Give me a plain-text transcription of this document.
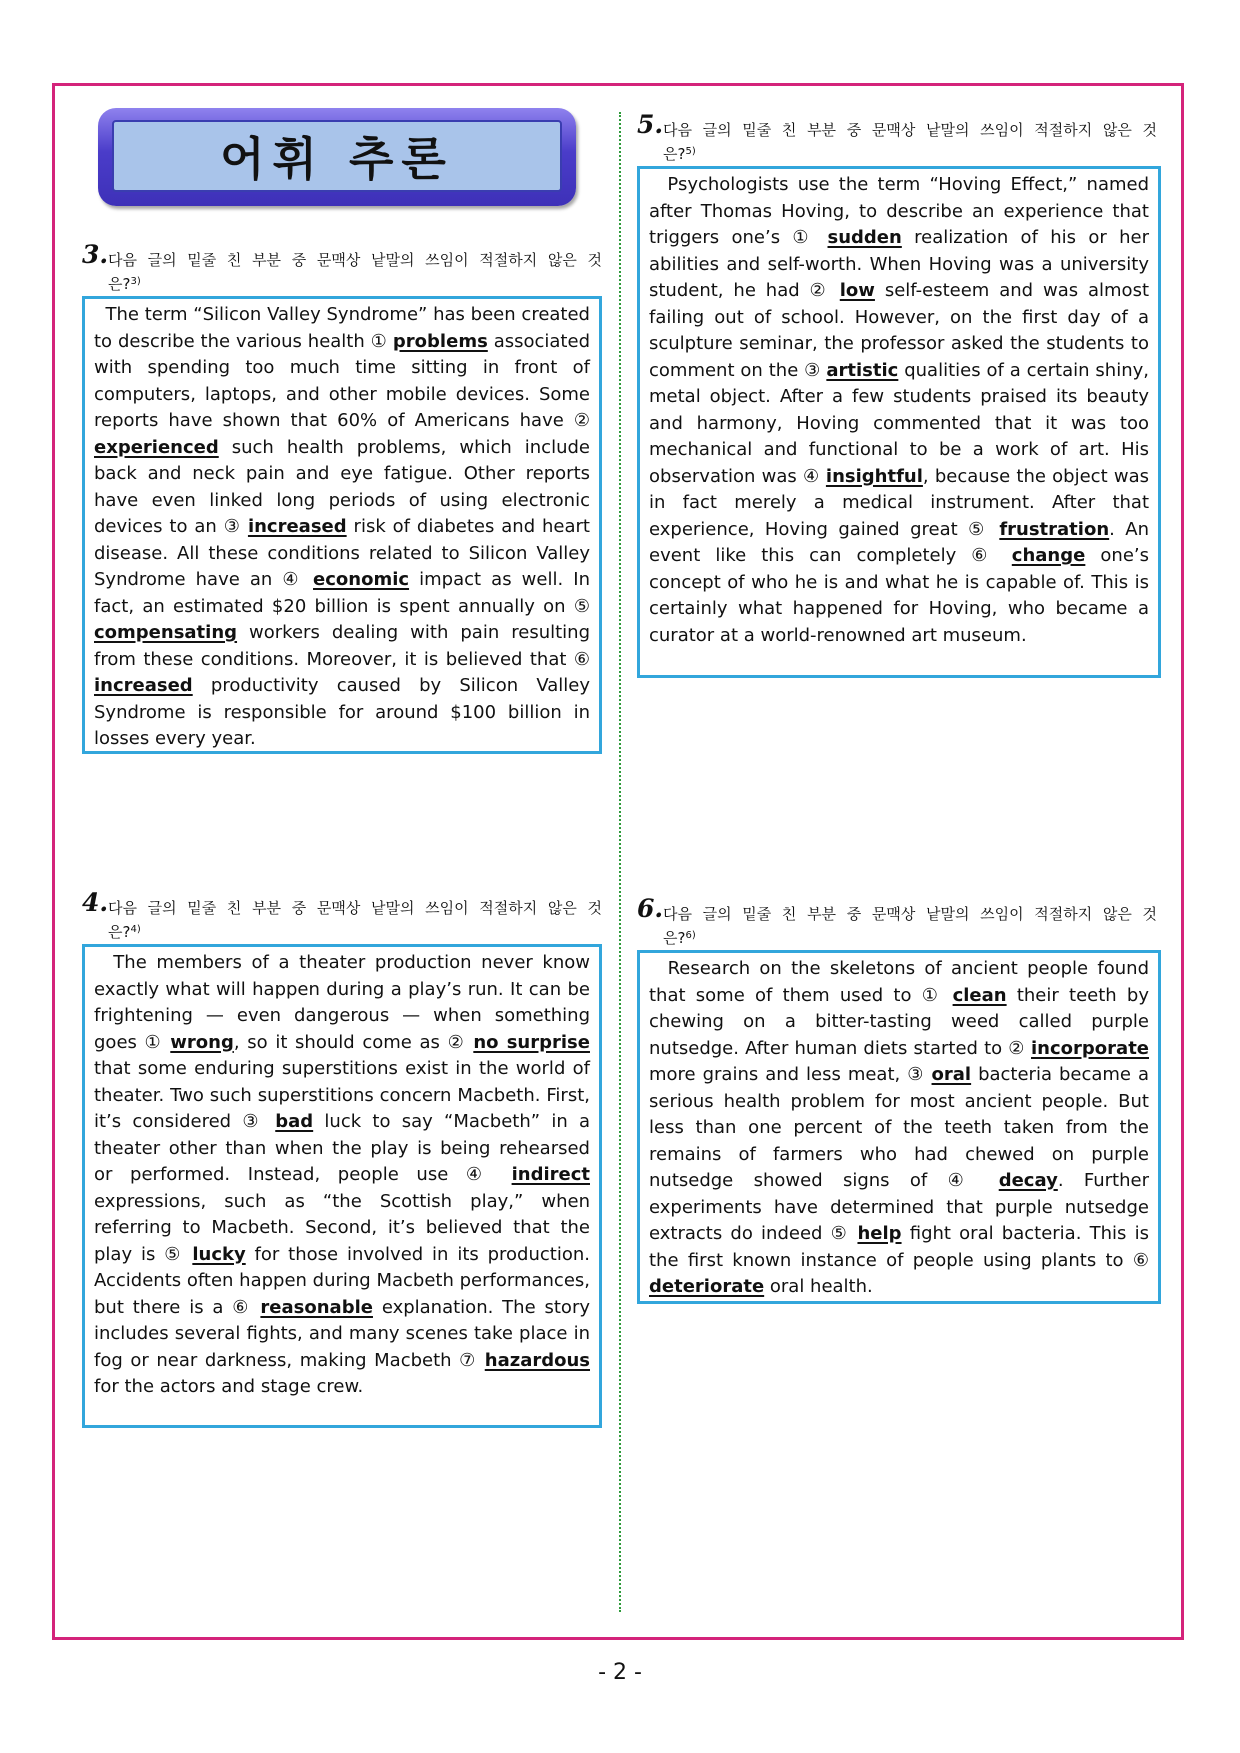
어휘 추론
3. 다음 글의 밑줄 친 부분 중 문맥상 낱말의 쓰임이 적절하지 않은 것
은?$^{3)}$

The term “Silicon Valley Syndrome” has been created to describe the various health ① problems associated with spending too much time sitting in front of computers, laptops, and other mobile devices. Some reports have shown that 60% of Americans have ② experienced such health problems, which include back and neck pain and eye fatigue. Other reports have even linked long periods of using electronic devices to an ③ increased risk of diabetes and heart disease. All these conditions related to Silicon Valley Syndrome have an ④ economic impact as well. In fact, an estimated $20 billion is spent annually on ⑤ compensating workers dealing with pain resulting from these conditions. Moreover, it is believed that ⑥ increased productivity caused by Silicon Valley Syndrome is responsible for around $100 billion in losses every year.

4. 다음 글의 밑줄 친 부분 중 문맥상 낱말의 쓰임이 적절하지 않은 것
은?$^{4)}$

The members of a theater production never know exactly what will happen during a play’s run. It can be frightening — even dangerous — when something goes ① wrong, so it should come as ② no surprise that some enduring superstitions exist in the world of theater. Two such superstitions concern Macbeth. First, it’s considered ③ bad luck to say “Macbeth” in a theater other than when the play is being rehearsed or performed. Instead, people use ④ indirect expressions, such as “the Scottish play,” when referring to Macbeth. Second, it’s believed that the play is ⑤ lucky for those involved in its production. Accidents often happen during Macbeth performances, but there is a ⑥ reasonable explanation. The story includes several fights, and many scenes take place in fog or near darkness, making Macbeth ⑦ hazardous for the actors and stage crew.

5. 다음 글의 밑줄 친 부분 중 문맥상 낱말의 쓰임이 적절하지 않은 것
은?$^{5)}$

Psychologists use the term “Hoving Effect,” named after Thomas Hoving, to describe an experience that triggers one’s ① sudden realization of his or her abilities and self-worth. When Hoving was a university student, he had ② low self-esteem and was almost failing out of school. However, on the first day of a sculpture seminar, the professor asked the students to comment on the ③ artistic qualities of a certain shiny, metal object. After a few students praised its beauty and harmony, Hoving commented that it was too mechanical and functional to be a work of art. His observation was ④ insightful, because the object was in fact merely a medical instrument. After that experience, Hoving gained great ⑤ frustration. An event like this can completely ⑥ change one’s concept of who he is and what he is capable of. This is certainly what happened for Hoving, who became a curator at a world-renowned art museum.

6. 다음 글의 밑줄 친 부분 중 문맥상 낱말의 쓰임이 적절하지 않은 것
은?$^{6)}$

Research on the skeletons of ancient people found that some of them used to ① clean their teeth by chewing on a bitter-tasting weed called purple nutsedge. After human diets started to ② incorporate more grains and less meat, ③ oral bacteria became a serious health problem for most ancient people. But less than one percent of the teeth taken from the remains of farmers who had chewed on purple nutsedge showed signs of ④ decay. Further experiments have determined that purple nutsedge extracts do indeed ⑤ help fight oral bacteria. This is the first known instance of people using plants to ⑥ deteriorate oral health.

- 2 -
